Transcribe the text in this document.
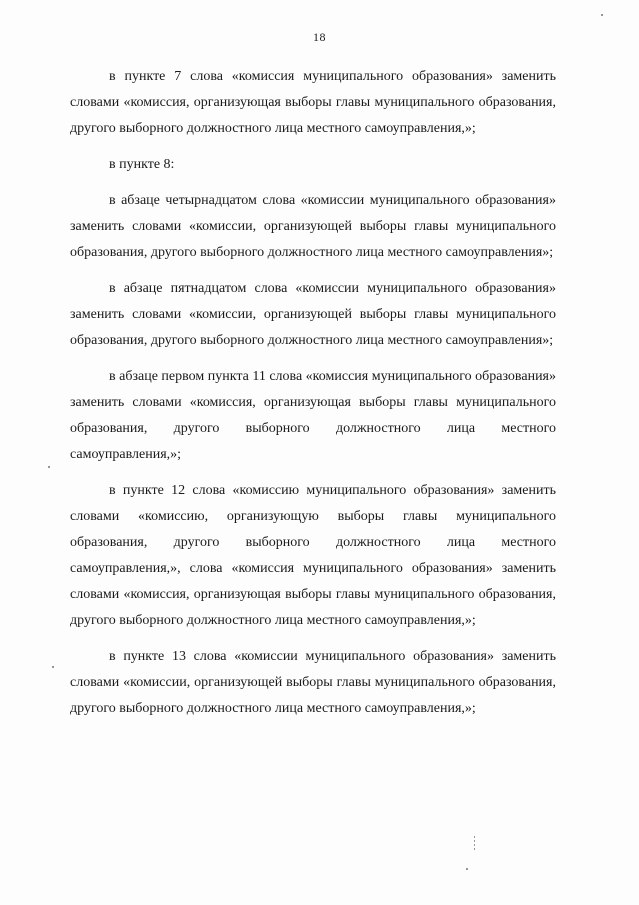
18

в пункте 7 слова «комиссия муниципального образования» заменить словами «комиссия, организующая выборы главы муниципального образования, другого выборного должностного лица местного самоуправления,»;

в пункте 8:

в абзаце четырнадцатом слова «комиссии муниципального образования» заменить словами «комиссии, организующей выборы главы муниципального образования, другого выборного должностного лица местного самоуправления»;

в абзаце пятнадцатом слова «комиссии муниципального образования» заменить словами «комиссии, организующей выборы главы муниципального образования, другого выборного должностного лица местного самоуправления»;

в абзаце первом пункта 11 слова «комиссия муниципального образования» заменить словами «комиссия, организующая выборы главы муниципального образования, другого выборного должностного лица местного самоуправления,»;

в пункте 12 слова «комиссию муниципального образования» заменить словами «комиссию, организующую выборы главы муниципального образования, другого выборного должностного лица местного самоуправления,», слова «комиссия муниципального образования» заменить словами «комиссия, организующая выборы главы муниципального образования, другого выборного должностного лица местного самоуправления,»;

в пункте 13 слова «комиссии муниципального образования» заменить словами «комиссии, организующей выборы главы муниципального образования, другого выборного должностного лица местного самоуправления,»;
